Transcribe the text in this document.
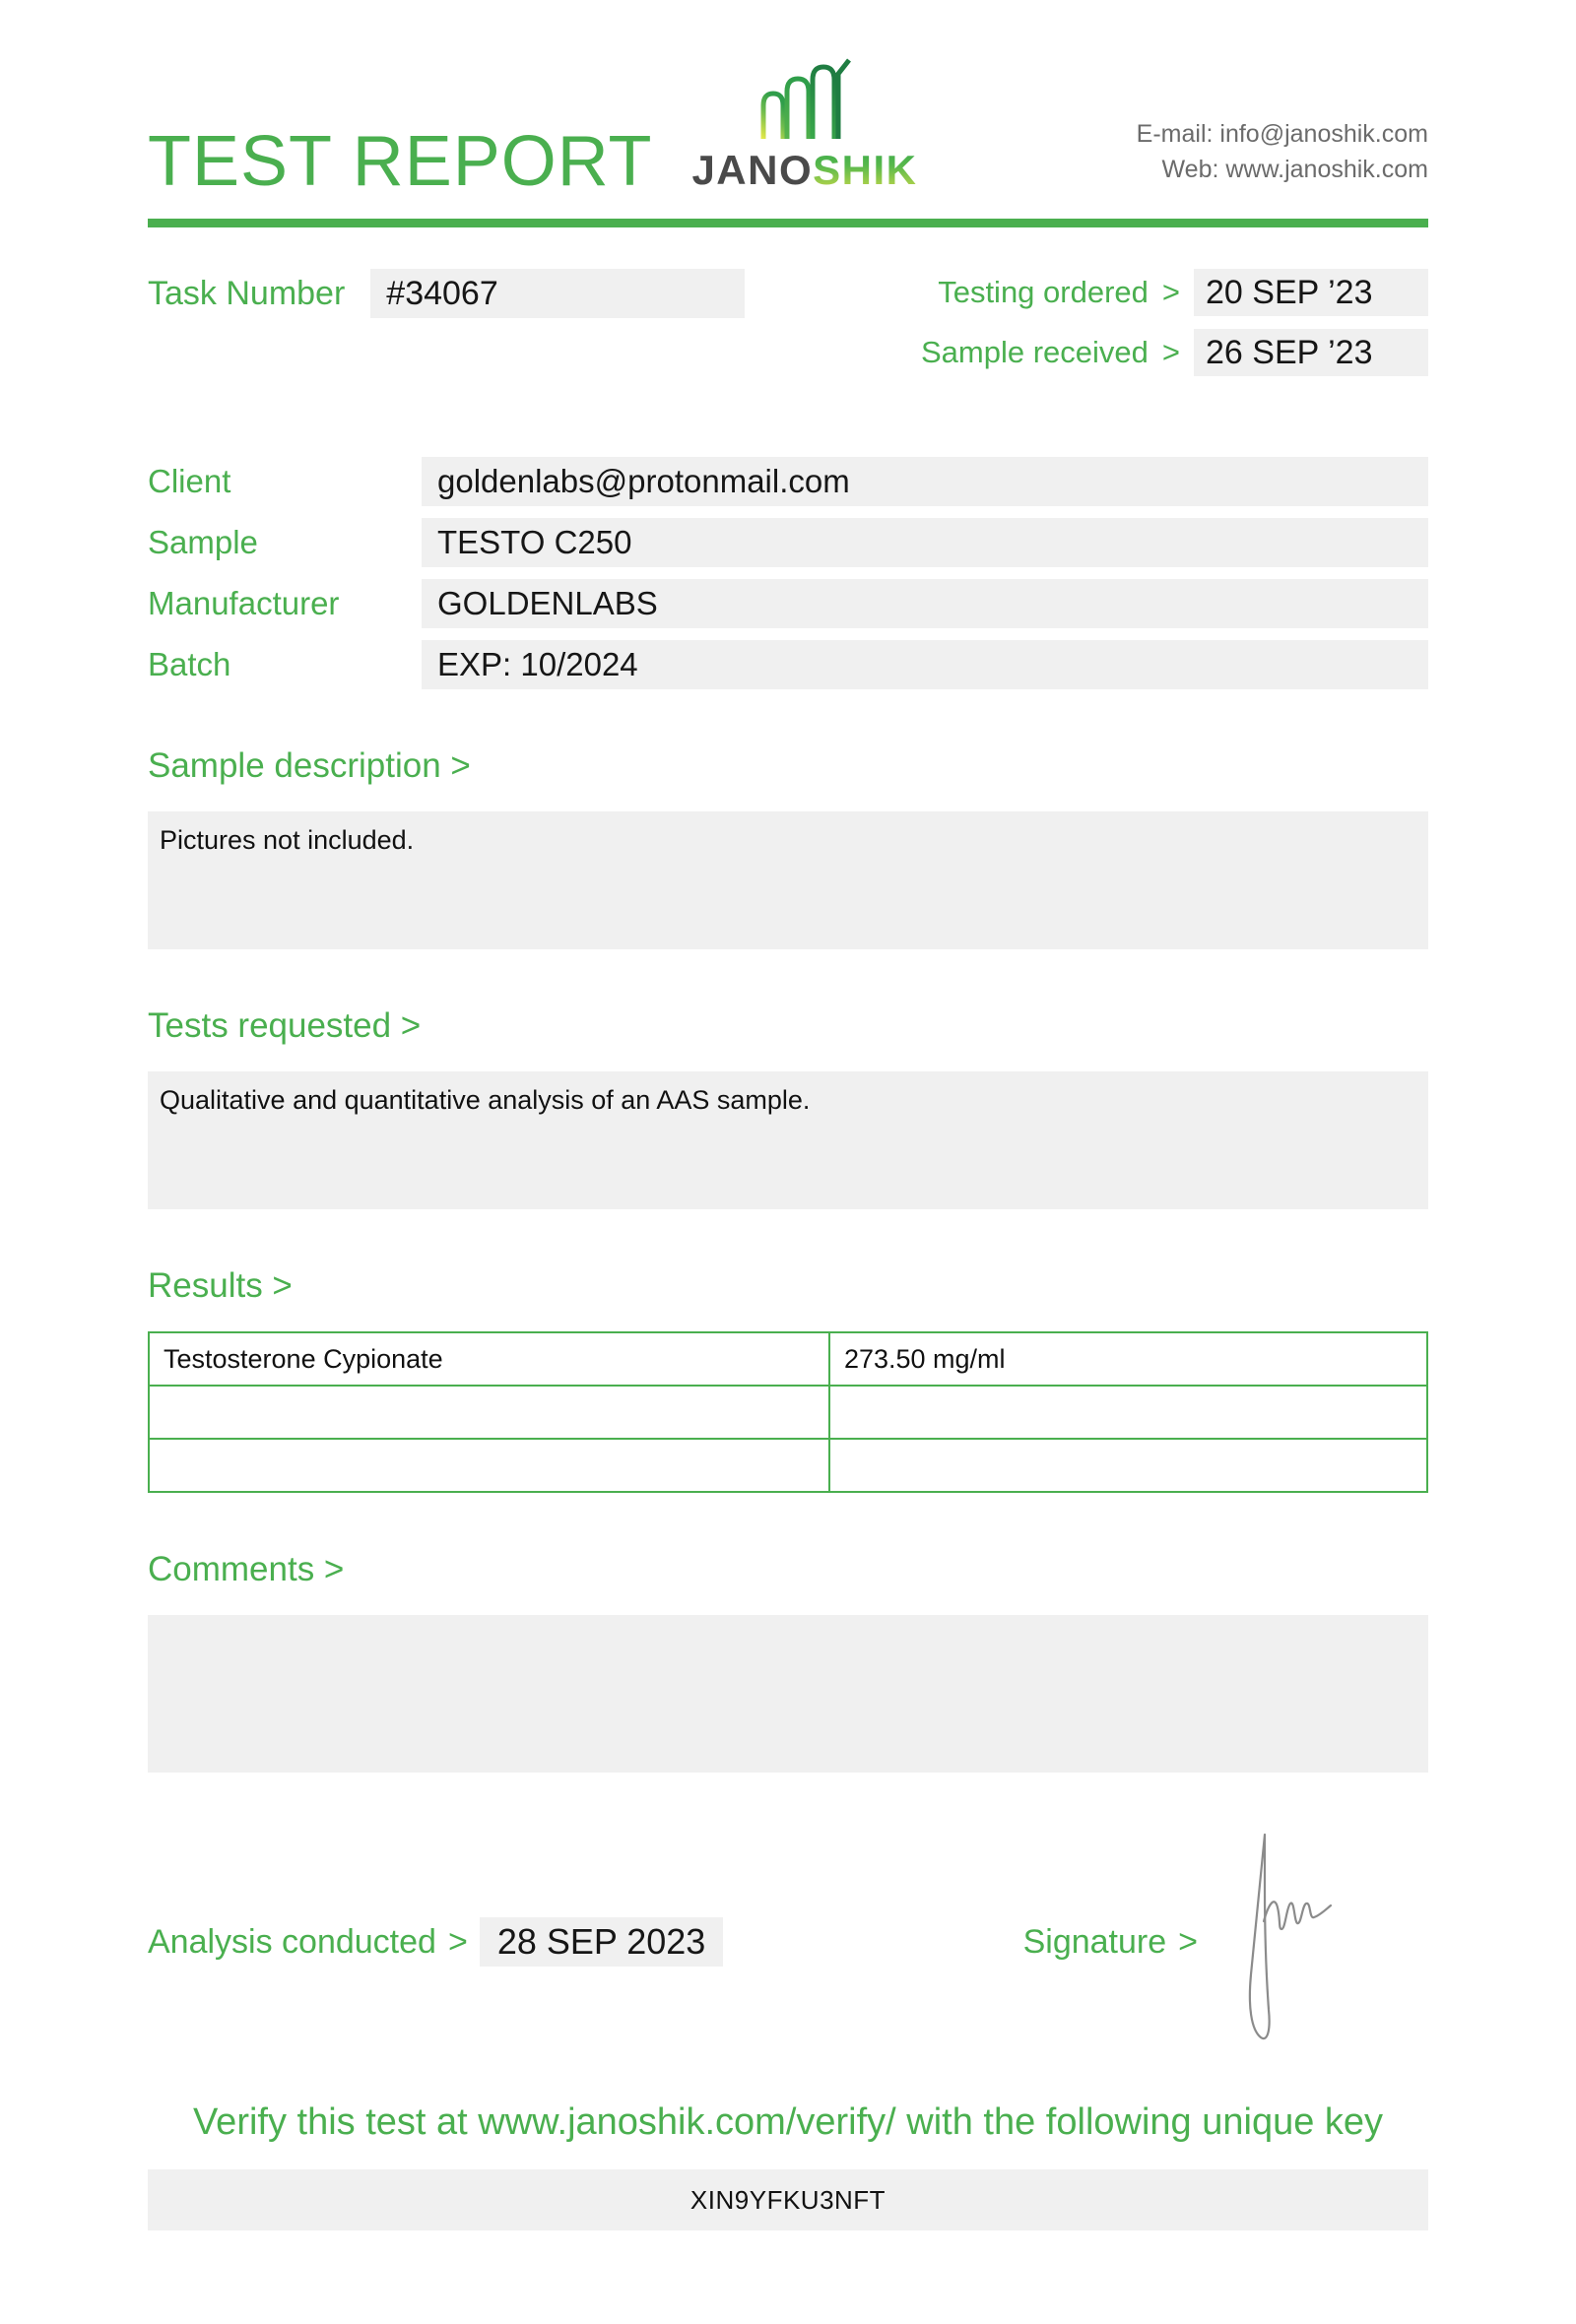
TEST REPORT JANOSHIK
E-mail: info@janoshik.com
Web: www.janoshik.com
Task Number	#34067	Testing ordered > 20 SEP ’23
Sample received > 26 SEP ’23
Client	goldenlabs@protonmail.com
Sample	TESTO C250
Manufacturer	GOLDENLABS
Batch	EXP: 10/2024
Sample description >
Pictures not included.
Tests requested >
Qualitative and quantitative analysis of an AAS sample.
Results >
Testosterone Cypionate	273.50 mg/ml

Comments >
Analysis conducted > 28 SEP 2023	Signature >
Verify this test at www.janoshik.com/verify/ with the following unique key
XIN9YFKU3NFT
